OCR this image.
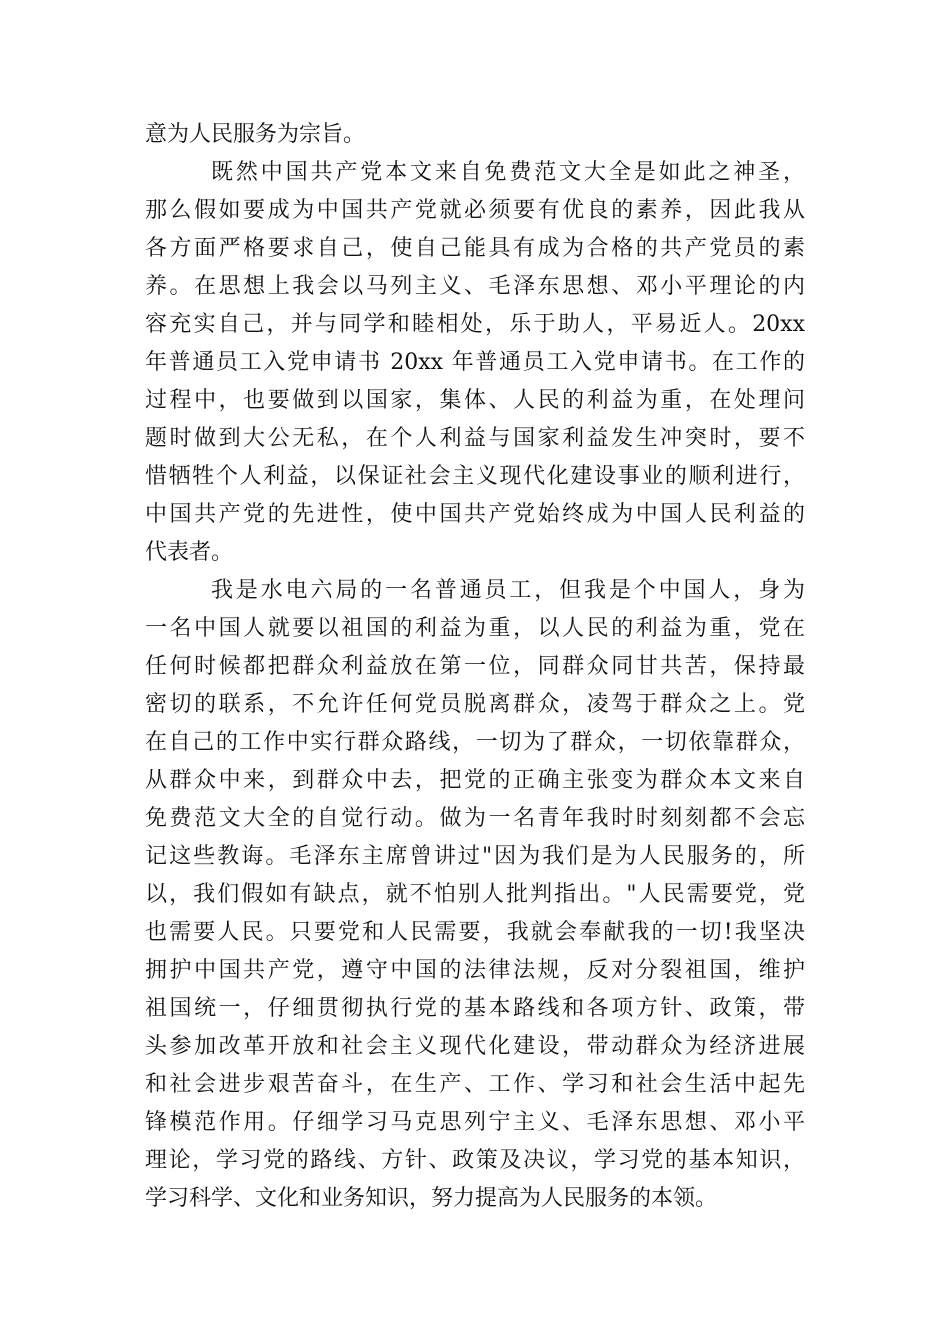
意为人民服务为宗旨。
既然中国共产党本文来自免费范文大全是如此之神圣，
那么假如要成为中国共产党就必须要有优良的素养，因此我从
各方面严格要求自己，使自己能具有成为合格的共产党员的素
养。在思想上我会以马列主义、毛泽东思想、邓小平理论的内
容充实自己，并与同学和睦相处，乐于助人，平易近人。20xx
年普通员工入党申请书 20xx 年普通员工入党申请书。在工作的
过程中，也要做到以国家，集体、人民的利益为重，在处理问
题时做到大公无私，在个人利益与国家利益发生冲突时，要不
惜牺牲个人利益，以保证社会主义现代化建设事业的顺利进行，
中国共产党的先进性，使中国共产党始终成为中国人民利益的
代表者。
我是水电六局的一名普通员工，但我是个中国人，身为
一名中国人就要以祖国的利益为重，以人民的利益为重，党在
任何时候都把群众利益放在第一位，同群众同甘共苦，保持最
密切的联系，不允许任何党员脱离群众，凌驾于群众之上。党
在自己的工作中实行群众路线，一切为了群众，一切依靠群众，
从群众中来，到群众中去，把党的正确主张变为群众本文来自
免费范文大全的自觉行动。做为一名青年我时时刻刻都不会忘
记这些教诲。毛泽东主席曾讲过"因为我们是为人民服务的，所
以，我们假如有缺点，就不怕别人批判指出。"人民需要党，党
也需要人民。只要党和人民需要，我就会奉献我的一切!我坚决
拥护中国共产党，遵守中国的法律法规，反对分裂祖国，维护
祖国统一，仔细贯彻执行党的基本路线和各项方针、政策，带
头参加改革开放和社会主义现代化建设，带动群众为经济进展
和社会进步艰苦奋斗，在生产、工作、学习和社会生活中起先
锋模范作用。仔细学习马克思列宁主义、毛泽东思想、邓小平
理论，学习党的路线、方针、政策及决议，学习党的基本知识，
学习科学、文化和业务知识，努力提高为人民服务的本领。
